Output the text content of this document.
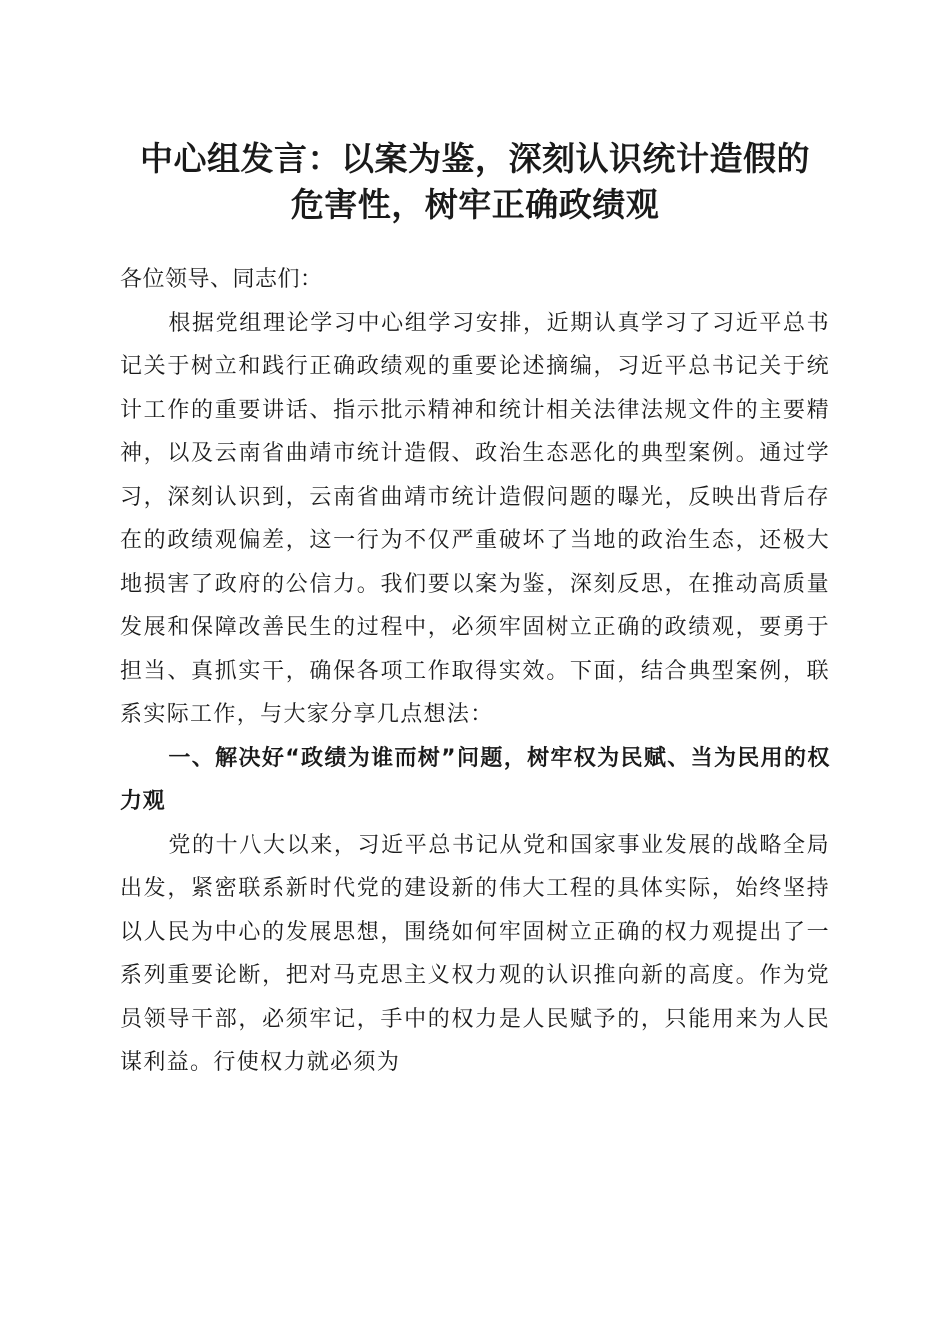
中心组发言：以案为鉴，深刻认识统计造假的
危害性，树牢正确政绩观

各位领导、同志们：

根据党组理论学习中心组学习安排，近期认真学习了习近平总书记关于树立和践行正确政绩观的重要论述摘编，习近平总书记关于统计工作的重要讲话、指示批示精神和统计相关法律法规文件的主要精神，以及云南省曲靖市统计造假、政治生态恶化的典型案例。通过学习，深刻认识到，云南省曲靖市统计造假问题的曝光，反映出背后存在的政绩观偏差，这一行为不仅严重破坏了当地的政治生态，还极大地损害了政府的公信力。我们要以案为鉴，深刻反思，在推动高质量发展和保障改善民生的过程中，必须牢固树立正确的政绩观，要勇于担当、真抓实干，确保各项工作取得实效。下面，结合典型案例，联系实际工作，与大家分享几点想法：

一、解决好“政绩为谁而树”问题，树牢权为民赋、当为民用的权力观

党的十八大以来，习近平总书记从党和国家事业发展的战略全局出发，紧密联系新时代党的建设新的伟大工程的具体实际，始终坚持以人民为中心的发展思想，围绕如何牢固树立正确的权力观提出了一系列重要论断，把对马克思主义权力观的认识推向新的高度。作为党员领导干部，必须牢记，手中的权力是人民赋予的，只能用来为人民谋利益。行使权力就必须为
